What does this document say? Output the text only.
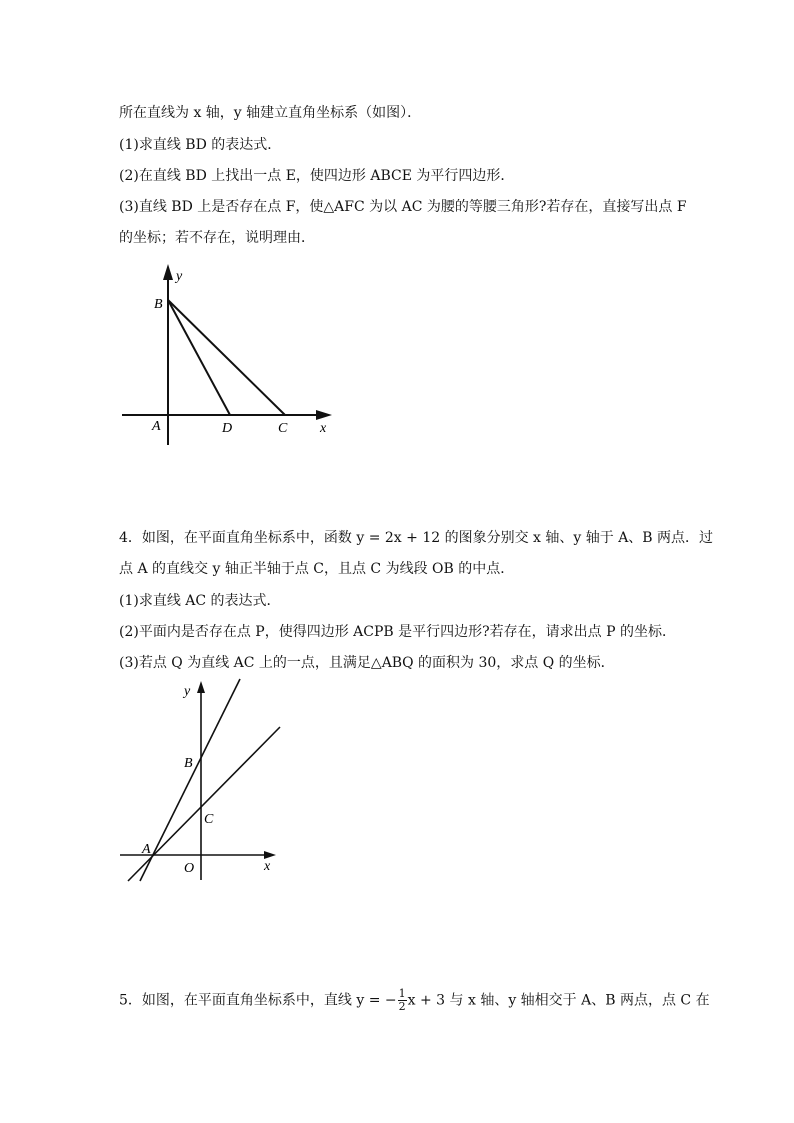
所在直线为 x 轴，y 轴建立直角坐标系（如图）．
(1)求直线 BD 的表达式．
(2)在直线 BD 上找出一点 E，使四边形 ABCE 为平行四边形．
(3)直线 BD 上是否存在点 F，使△AFC 为以 AC 为腰的等腰三角形?若存在，直接写出点 F
的坐标；若不存在，说明理由．
y
x
B
A	D	C
4．如图，在平面直角坐标系中，函数 y = 2x + 12 的图象分别交 x 轴、y 轴于 A、B 两点．过
点 A 的直线交 y 轴正半轴于点 C，且点 C 为线段 OB 的中点．
(1)求直线 AC 的表达式．
(2)平面内是否存在点 P，使得四边形 ACPB 是平行四边形?若存在，请求出点 P 的坐标．
(3)若点 Q 为直线 AC 上的一点，且满足△ABQ 的面积为 30，求点 Q 的坐标．
y
x
B
C
A
O
5．如图，在平面直角坐标系中，直线 y = − $\frac{1}{2}$ x + 3 与 x 轴、y 轴相交于 A、B 两点，点 C 在
